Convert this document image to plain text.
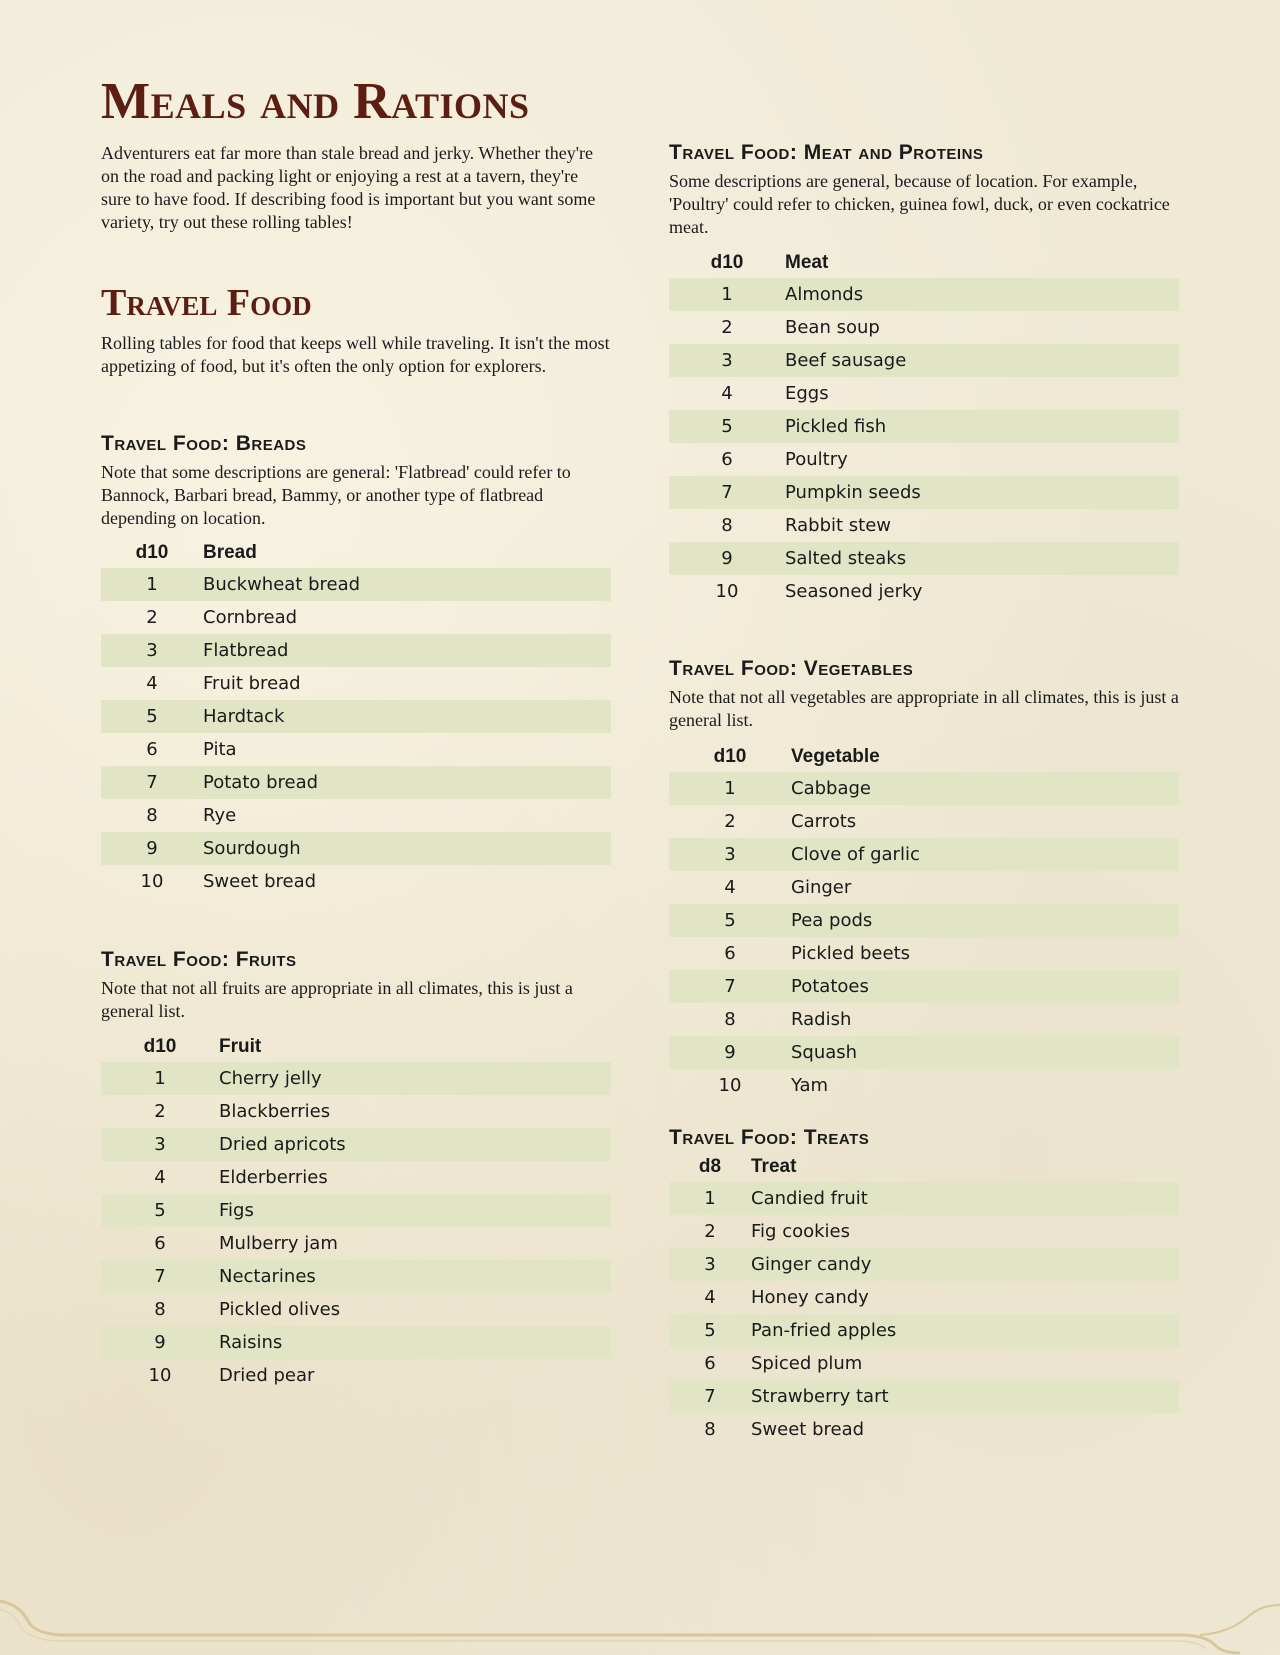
Meals and Rations

Adventurers eat far more than stale bread and jerky. Whether they're on the road and packing light or enjoying a rest at a tavern, they're sure to have food. If describing food is important but you want some variety, try out these rolling tables!

Travel Food

Rolling tables for food that keeps well while traveling. It isn't the most appetizing of food, but it's often the only option for explorers.

Travel Food: Breads

Note that some descriptions are general: 'Flatbread' could refer to Bannock, Barbari bread, Bammy, or another type of flatbread depending on location.

d10	Bread
1	Buckwheat bread
2	Cornbread
3	Flatbread
4	Fruit bread
5	Hardtack
6	Pita
7	Potato bread
8	Rye
9	Sourdough
10	Sweet bread
Travel Food: Fruits

Note that not all fruits are appropriate in all climates, this is just a general list.

d10	Fruit
1	Cherry jelly
2	Blackberries
3	Dried apricots
4	Elderberries
5	Figs
6	Mulberry jam
7	Nectarines
8	Pickled olives
9	Raisins
10	Dried pear
Travel Food: Meat and Proteins

Some descriptions are general, because of location. For example, 'Poultry' could refer to chicken, guinea fowl, duck, or even cockatrice meat.

d10	Meat
1	Almonds
2	Bean soup
3	Beef sausage
4	Eggs
5	Pickled fish
6	Poultry
7	Pumpkin seeds
8	Rabbit stew
9	Salted steaks
10	Seasoned jerky
Travel Food: Vegetables

Note that not all vegetables are appropriate in all climates, this is just a general list.

d10	Vegetable
1	Cabbage
2	Carrots
3	Clove of garlic
4	Ginger
5	Pea pods
6	Pickled beets
7	Potatoes
8	Radish
9	Squash
10	Yam
Travel Food: Treats
d8	Treat
1	Candied fruit
2	Fig cookies
3	Ginger candy
4	Honey candy
5	Pan-fried apples
6	Spiced plum
7	Strawberry tart
8	Sweet bread
